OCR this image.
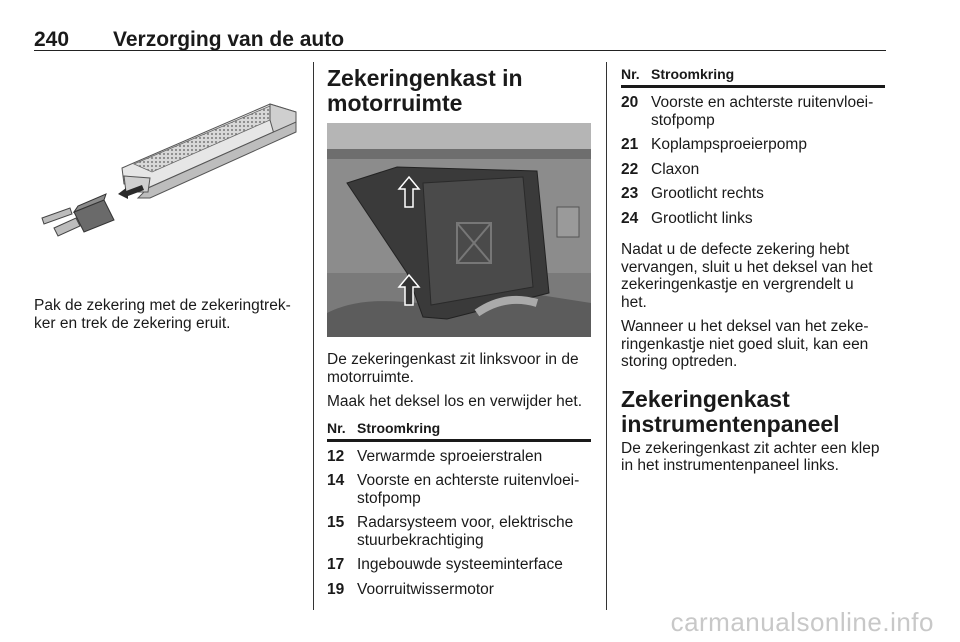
240 Verzorging van de auto

Pak de zekering met de zekeringtrek-
ker en trek de zekering eruit.

Zekeringenkast in
motorruimte

De zekeringenkast zit linksvoor in de
motorruimte.

Maak het deksel los en verwijder het.

Nr. Stroomkring
12 Verwarmde sproeierstralen
14 Voorste en achterste ruitenvloei-
stofpomp
15 Radarsysteem voor, elektrische
stuurbekrachtiging
17 Ingebouwde systeeminterface
19 Voorruitwissermotor
Nr. Stroomkring
20 Voorste en achterste ruitenvloei-
stofpomp
21 Koplampsproeierpomp
22 Claxon
23 Grootlicht rechts
24 Grootlicht links

Nadat u de defecte zekering hebt
vervangen, sluit u het deksel van het
zekeringenkastje en vergrendelt u
het.

Wanneer u het deksel van het zeke-
ringenkastje niet goed sluit, kan een
storing optreden.

Zekeringenkast
instrumentenpaneel

De zekeringenkast zit achter een klep
in het instrumentenpaneel links.

carmanualsonline.info
